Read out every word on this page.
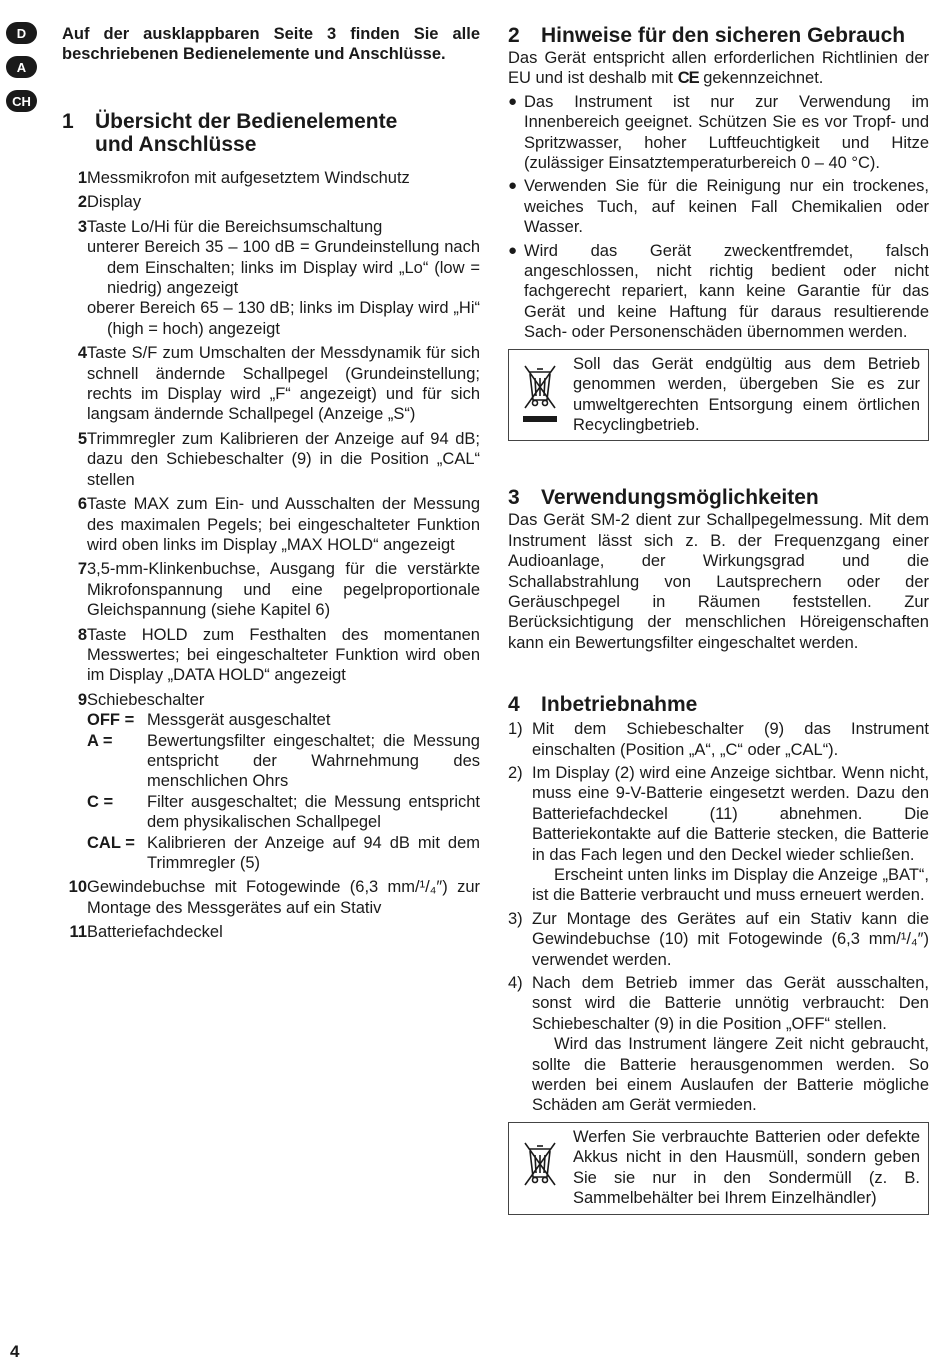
D
A
CH

Auf der ausklappbaren Seite 3 finden Sie alle beschriebenen Bedienelemente und Anschlüsse.

1	Übersicht der Bedienelemente
und Anschlüsse
1 Messmikrofon mit aufgesetztem Windschutz

2 Display

3 Taste Lo/Hi für die Bereichsumschaltung

unterer Bereich 35 – 100 dB = Grundeinstellung nach dem Einschalten; links im Display wird „Lo“ (low = niedrig) angezeigt

oberer Bereich 65 – 130 dB; links im Display wird „Hi“ (high = hoch) angezeigt

4 Taste S/F zum Umschalten der Messdynamik für sich schnell ändernde Schallpegel (Grundeinstellung; rechts im Display wird „F“ angezeigt) und für sich langsam ändernde Schallpegel (Anzeige „S“)

5 Trimmregler zum Kalibrieren der Anzeige auf 94 dB; dazu den Schiebeschalter (9) in die Position „CAL“ stellen

6 Taste MAX zum Ein- und Ausschalten der Messung des maximalen Pegels; bei eingeschalteter Funktion wird oben links im Display „MAX HOLD“ angezeigt

7 3,5-mm-Klinkenbuchse, Ausgang für die verstärkte Mikrofonspannung und eine pegelproportionale Gleichspannung (siehe Kapitel 6)

8 Taste HOLD zum Festhalten des momentanen Messwertes; bei eingeschalteter Funktion wird oben im Display „DATA HOLD“ angezeigt

9 Schiebeschalter

OFF = Messgerät ausgeschaltet
A =	Bewertungsfilter eingeschaltet; die Messung entspricht der Wahrnehmung des menschlichen Ohrs
C =	Filter ausgeschaltet; die Messung entspricht dem physikalischen Schallpegel
CAL = Kalibrieren der Anzeige auf 94 dB mit dem Trimmregler (5)
10 Gewindebuchse mit Fotogewinde (6,3 mm/¹/₄″) zur Montage des Messgerätes auf ein Stativ

11 Batteriefachdeckel

2	Hinweise für den sicheren Gebrauch

Das Gerät entspricht allen erforderlichen Richtlinien der EU und ist deshalb mit CE gekennzeichnet.

● Das Instrument ist nur zur Verwendung im Innenbereich geeignet. Schützen Sie es vor Tropf- und Spritzwasser, hoher Luftfeuchtigkeit und Hitze (zulässiger Einsatztemperaturbereich 0 – 40 °C).
● Verwenden Sie für die Reinigung nur ein trockenes, weiches Tuch, auf keinen Fall Chemikalien oder Wasser.
● Wird das Gerät zweckentfremdet, falsch angeschlossen, nicht richtig bedient oder nicht fachgerecht repariert, kann keine Garantie für das Gerät und keine Haftung für daraus resultierende Sach- oder Personenschäden übernommen werden.
Soll das Gerät endgültig aus dem Betrieb genommen werden, übergeben Sie es zur umweltgerechten Entsorgung einem örtlichen Recyclingbetrieb.
3	Verwendungsmöglichkeiten

Das Gerät SM-2 dient zur Schallpegelmessung. Mit dem Instrument lässt sich z. B. der Frequenzgang einer Audioanlage, der Wirkungsgrad und die Schallabstrahlung von Lautsprechern oder der Geräuschpegel in Räumen feststellen. Zur Berücksichtigung der menschlichen Höreigenschaften kann ein Bewertungsfilter eingeschaltet werden.

4	Inbetriebnahme
1) Mit dem Schiebeschalter (9) das Instrument einschalten (Position „A“, „C“ oder „CAL“).
2) Im Display (2) wird eine Anzeige sichtbar. Wenn nicht, muss eine 9-V-Batterie eingesetzt werden. Dazu den Batteriefachdeckel (11) abnehmen. Die Batteriekontakte auf die Batterie stecken, die Batterie in das Fach legen und den Deckel wieder schließen.

Erscheint unten links im Display die Anzeige „BAT“, ist die Batterie verbraucht und muss erneuert werden.

3) Zur Montage des Gerätes auf ein Stativ kann die Gewindebuchse (10) mit Fotogewinde (6,3 mm/¹/₄″) verwendet werden.
4) Nach dem Betrieb immer das Gerät ausschalten, sonst wird die Batterie unnötig verbraucht: Den Schiebeschalter (9) in die Position „OFF“ stellen.

Wird das Instrument längere Zeit nicht gebraucht, sollte die Batterie herausgenommen werden. So werden bei einem Auslaufen der Batterie mögliche Schäden am Gerät vermieden.

Werfen Sie verbrauchte Batterien oder defekte Akkus nicht in den Hausmüll, sondern geben Sie sie nur in den Sondermüll (z. B. Sammelbehälter bei Ihrem Einzelhändler)
4
